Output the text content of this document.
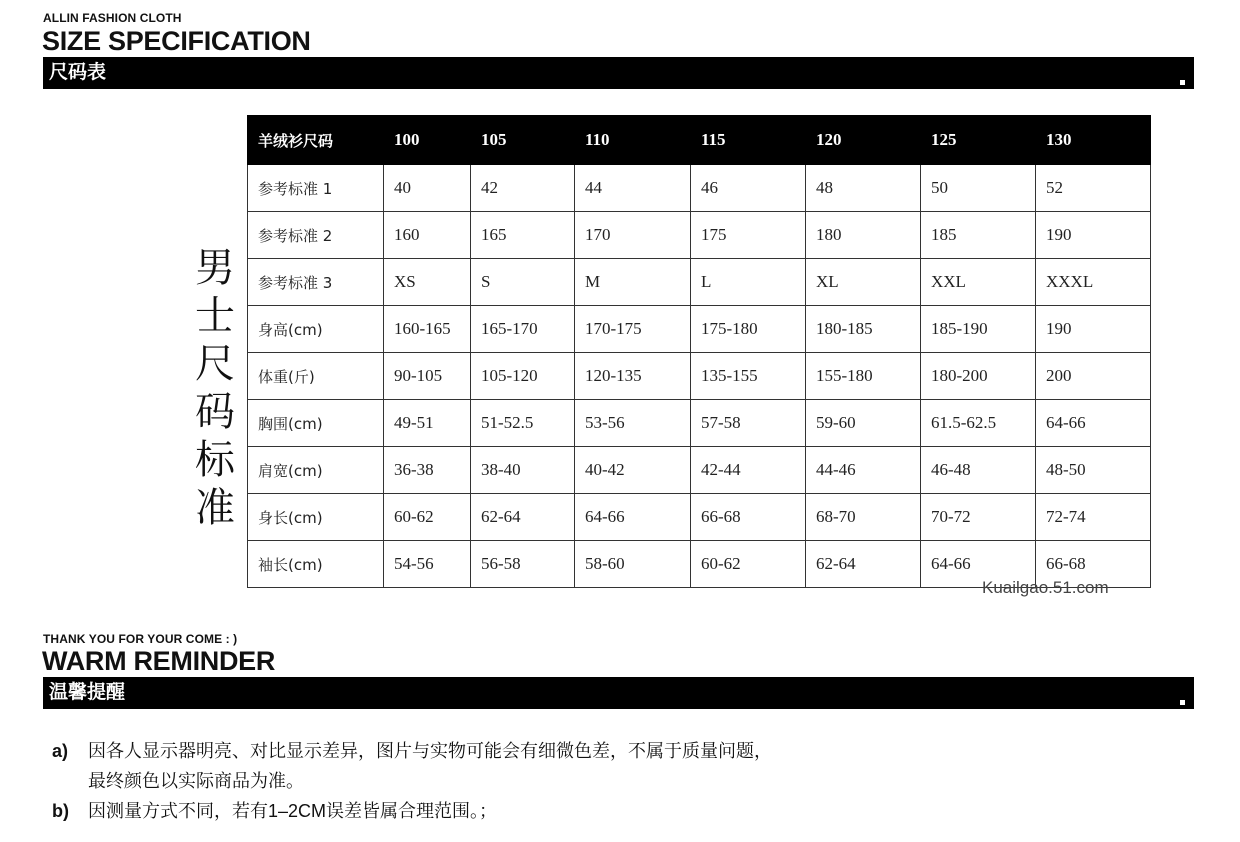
ALLIN FASHION CLOTH
SIZE SPECIFICATION
尺码表
男士尺码标准
羊绒衫尺码	100	105	110	115	120	125	130
参考标准 1	40	42	44	46	48	50	52
参考标准 2	160	165	170	175	180	185	190
参考标准 3	XS	S	M	L	XL	XXL	XXXL
身高(cm)	160-165	165-170	170-175	175-180	180-185	185-190	190
体重(斤)	90-105	105-120	120-135	135-155	155-180	180-200	200
胸围(cm)	49-51	51-52.5	53-56	57-58	59-60	61.5-62.5	64-66
肩宽(cm)	36-38	38-40	40-42	42-44	44-46	46-48	48-50
身长(cm)	60-62	62-64	64-66	66-68	68-70	70-72	72-74
袖长(cm)	54-56	56-58	58-60	60-62	62-64	64-66	66-68
Kuailgao.51.com
THANK YOU FOR YOUR COME : )
WARM REMINDER
温馨提醒
a)	因各人显示器明亮、对比显示差异，图片与实物可能会有细微色差，不属于质量问题，
最终颜色以实际商品为准。
b)	因测量方式不同，若有1–2CM误差皆属合理范围。；
